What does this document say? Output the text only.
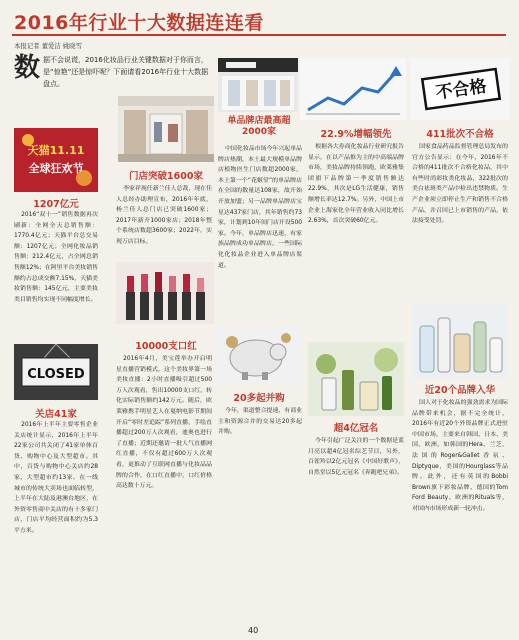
2016年行业十大数据连连看
本报记者 董爱洁 姚晓雪
数 据不会说谎，2016化妆品行业关键数据对于你而言，是“惊艳”还是惊吓呢？下面请看2016年行业十大数据盘点。	不合格
天猫11.11
全球狂欢节
1207亿元
2016“双十一”销售数据再次刷新：全网全天总销售额：1770.4亿元；天猫平台总交易额：1207亿元；全网化妆品销售额：212.4亿元，占全网总销售额12%；在阿里平台美妆销售额约占总成交额7.15%，天猫美妆销售额：145亿元，主要美妆类目销售均实现不同幅度增长。
门店突破1600家
李家祥现任新兰佳人总裁，现在佳人总经办助理宣布，2016年年底，杨兰佳人总门店已突破1600家；2017年新开1000家店；2018年整个系统店数超3600家；2022年，实现万店目标。
CLOSED
关店41家
2016年上半年主要零售企业关店统计显示，2016年上半年22家公司共关闭了41家单体百货、购物中心及大型超市。其中，百货与购物中心关店约28家，大型超市约13家。在一线城市的传统大卖场也面临转型，上半年在大陆及港澳台地区，在外资零售商中关店的有十多家门店，门店平均经营面积约为5.3平方米。
10000支口红
2016年4月，美宝莲举办开启明星直播营销模式，这个美妆界第一场美妆直播：2小时直播吸引超过500万人次观看，售出10000支口红，转化实际销售额约142万元。随后，欧莱雅携手明星艺人在戛纳电影节期间开启“零时差追踪”系列直播，手绘直播超过200万人次观看，迪奥也进行了直播；近期还邀请一批人气直播网红直播，不仅有超过600万人次观看，更推动了互联网直播与化妆品品牌的合作，在口红直播中，口红价格高达数十万元。
单品牌店最高超2000家
中国化妆品市场今年兴起单品牌店热潮，本土最大规模单品牌店植物医生门店数超2000家，本土第一个“花姬堂”的单品牌店在全国的数量达108家，故开始开放加盟；另一品牌单品牌店宝星达437家门店，其年销售约73家，计划到10年间门店开设500家。今年，单品牌店迅速，有家族品牌成功单品牌店，一些国际化化妆品企业进入单品牌店渠道。
20多起并购
今年，渠道整合提速，有商业主和资源合并的交易达20多起并购。
22.9%增幅领先
根据各大券商化妆品行业研究报告显示，在以产品推为主的中高端品牌市场，美妆品牌持续领跑，欧莱雅集团旗下品牌第一季度销售额达22.9%，其次是LG生活健康，销售额增长率达12.7%。另外，中国上市企业上海家化全年营业收入同比增长2.63%，首次突破60亿元。
超4亿冠名
今年引起广泛关注的一个数据是蓝月亮以超4亿冠名综艺节目，另外，百雀羚以2亿元冠名《中国好歌声》，自然堂以5亿元冠名《奔跑吧兄弟》。
411批次不合格
国家食品药品监督管理总局发布的官方公告显示：在今年，2016年不合格的411批次不合格化妆品，其中有些时尚彩妆类化妆品，322批次的美白祛斑类产品中检出违禁物质。生产企业须立即停止生产和销售不合格产品，并召回已上市销售的产品，依法接受处罚。
近20个品牌入华
国人对于化妆品的强劲需求为国际品牌带来机会，据不完全统计，2016年有近20个外资品牌正式进驻中国市场，主要来自韩国、日本、美国、欧洲，如韩国的Hera、兰芝，法国的Roger&Gallet香氛、Diptyque，美国的Hourglass等品牌。此外，还有英国的Bobbi Brown旗下彩妆品牌、德国的Tom Ford Beauty、欧洲的Rituals等，对国内市场形成新一轮冲击。
40
